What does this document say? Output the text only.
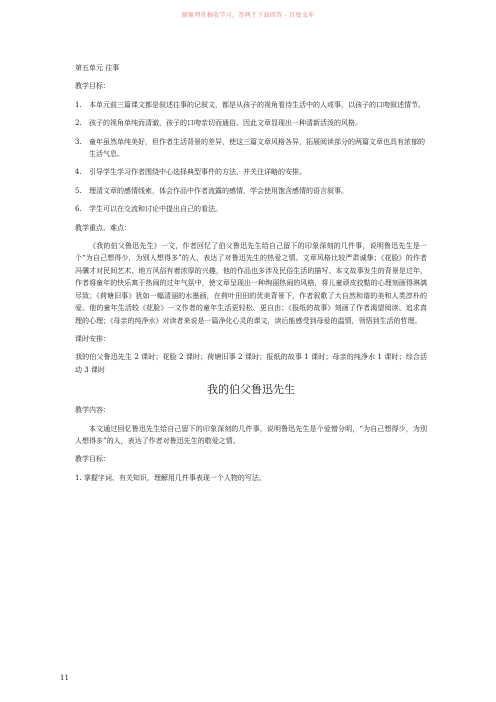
源驰理优稿收学习，答两王下载回答 - 百度文库

第五单元 往事

教学目标：

1.	本单元前三篇课文都是叙述往事的记叙文，都是从孩子的视角看待生活中的人或事，以孩子的口吻叙述情节。
2.	孩子的视角单纯而清澈，孩子的口吻亲切而通俗，因此文章显现出一种清新活泼的风格。
3.	童年虽然单纯美好，但作者生活背景的差异，使这三篇文章风格各异，拓展阅读部分的两篇文章也具有浓郁的生活气息。
4.	引导学生学习作者围绕中心选择典型事件的方法，并关注详略的安排。
5.	理清文章的感情线索，体会作品中作者流露的感情，学会使用饱含感情的语言叙事。
6.	学生可以在交流和讨论中提出自己的看法。

教学重点、难点：

《我的伯父鲁迅先生》一文，作者回忆了伯父鲁迅先生给自己留下的印象深刻的几件事，说明鲁迅先生是一个“为自己想得少，为别人想得多”的人，表达了对鲁迅先生的热爱之情。文章风格比较严肃诚挚；《花脸》的作者冯骥才对民间艺术、地方风俗有着浓厚的兴趣，他的作品也多涉及民俗生活的描写。本文故事发生的背景是过年，作者将童年的快乐寓于热闹的过年气氛中，使文章呈现出一种绚丽热闹的风格，将儿童顽皮狡黠的心理刻画得淋漓尽致；《荷塘旧事》犹如一幅清丽的水墨画，在荷叶田田的优美背景下，作者叙歌了大自然和谐的美和人类淳朴的爱。他的童年生活较《花脸》一文作者的童年生活更轻松、更自由；《报纸的故事》刻画了作者渴望阅读、追求真理的心理；《母亲的纯净水》对读者来说是一篇净化心灵的课文，读后能感受到母爱的温情，领悟到生活的哲理。

课时安排：

我的伯父鲁迅先生 2 课时；花脸 2 课时；荷塘旧事 2 课时；报纸的故事 1 课时；母亲的纯净水 1 课时；综合活动 3 课时

我的伯父鲁迅先生

教学内容：

本文通过回忆鲁迅先生给自己留下的印象深刻的几件事，说明鲁迅先生是个爱憎分明，“为自己想得少，为别人想得多”的人，表达了作者对鲁迅先生的敬爱之情。

教学目标：

1. 掌握字词、有关知识，理解用几件事表现一个人物的写法。

11
